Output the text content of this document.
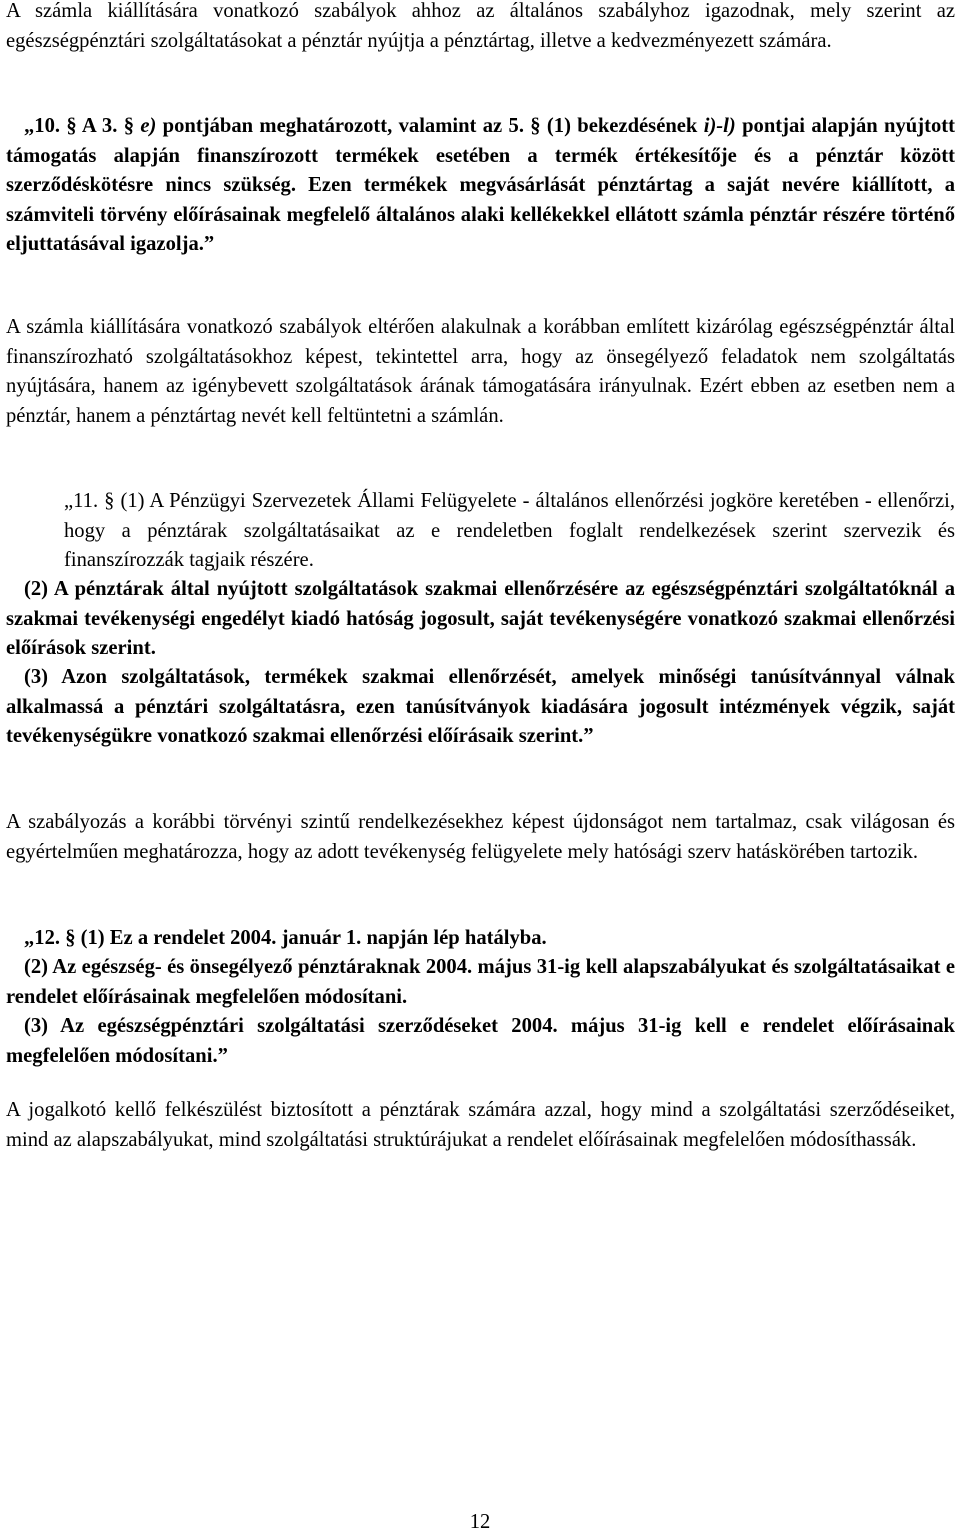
A számla kiállítására vonatkozó szabályok ahhoz az általános szabályhoz igazodnak, mely szerint az egészségpénztári szolgáltatásokat a pénztár nyújtja a pénztártag, illetve a kedvezményezett számára.

„10. § A 3. § e) pontjában meghatározott, valamint az 5. § (1) bekezdésének i)-l) pontjai alapján nyújtott támogatás alapján finanszírozott termékek esetében a termék értékesítője és a pénztár között szerződéskötésre nincs szükség. Ezen termékek megvásárlását pénztártag a saját nevére kiállított, a számviteli törvény előírásainak megfelelő általános alaki kellékekkel ellátott számla pénztár részére történő eljuttatásával igazolja.”

A számla kiállítására vonatkozó szabályok eltérően alakulnak a korábban említett kizárólag egészségpénztár által finanszírozható szolgáltatásokhoz képest, tekintettel arra, hogy az önsegélyező feladatok nem szolgáltatás nyújtására, hanem az igénybevett szolgáltatások árának támogatására irányulnak. Ezért ebben az esetben nem a pénztár, hanem a pénztártag nevét kell feltüntetni a számlán.

„11. § (1) A Pénzügyi Szervezetek Állami Felügyelete - általános ellenőrzési jogköre keretében - ellenőrzi, hogy a pénztárak szolgáltatásaikat az e rendeletben foglalt rendelkezések szerint szervezik és finanszírozzák tagjaik részére.

(2) A pénztárak által nyújtott szolgáltatások szakmai ellenőrzésére az egészségpénztári szolgáltatóknál a szakmai tevékenységi engedélyt kiadó hatóság jogosult, saját tevékenységére vonatkozó szakmai ellenőrzési előírások szerint.

(3) Azon szolgáltatások, termékek szakmai ellenőrzését, amelyek minőségi tanúsítvánnyal válnak alkalmassá a pénztári szolgáltatásra, ezen tanúsítványok kiadására jogosult intézmények végzik, saját tevékenységükre vonatkozó szakmai ellenőrzési előírásaik szerint.”

A szabályozás a korábbi törvényi szintű rendelkezésekhez képest újdonságot nem tartalmaz, csak világosan és egyértelműen meghatározza, hogy az adott tevékenység felügyelete mely hatósági szerv hatáskörében tartozik.

„12. § (1) Ez a rendelet 2004. január 1. napján lép hatályba.

(2) Az egészség- és önsegélyező pénztáraknak 2004. május 31-ig kell alapszabályukat és szolgáltatásaikat e rendelet előírásainak megfelelően módosítani.

(3) Az egészségpénztári szolgáltatási szerződéseket 2004. május 31-ig kell e rendelet előírásainak megfelelően módosítani.”

A jogalkotó kellő felkészülést biztosított a pénztárak számára azzal, hogy mind a szolgáltatási szerződéseiket, mind az alapszabályukat, mind szolgáltatási struktúrájukat a rendelet előírásainak megfelelően módosíthassák.

12
